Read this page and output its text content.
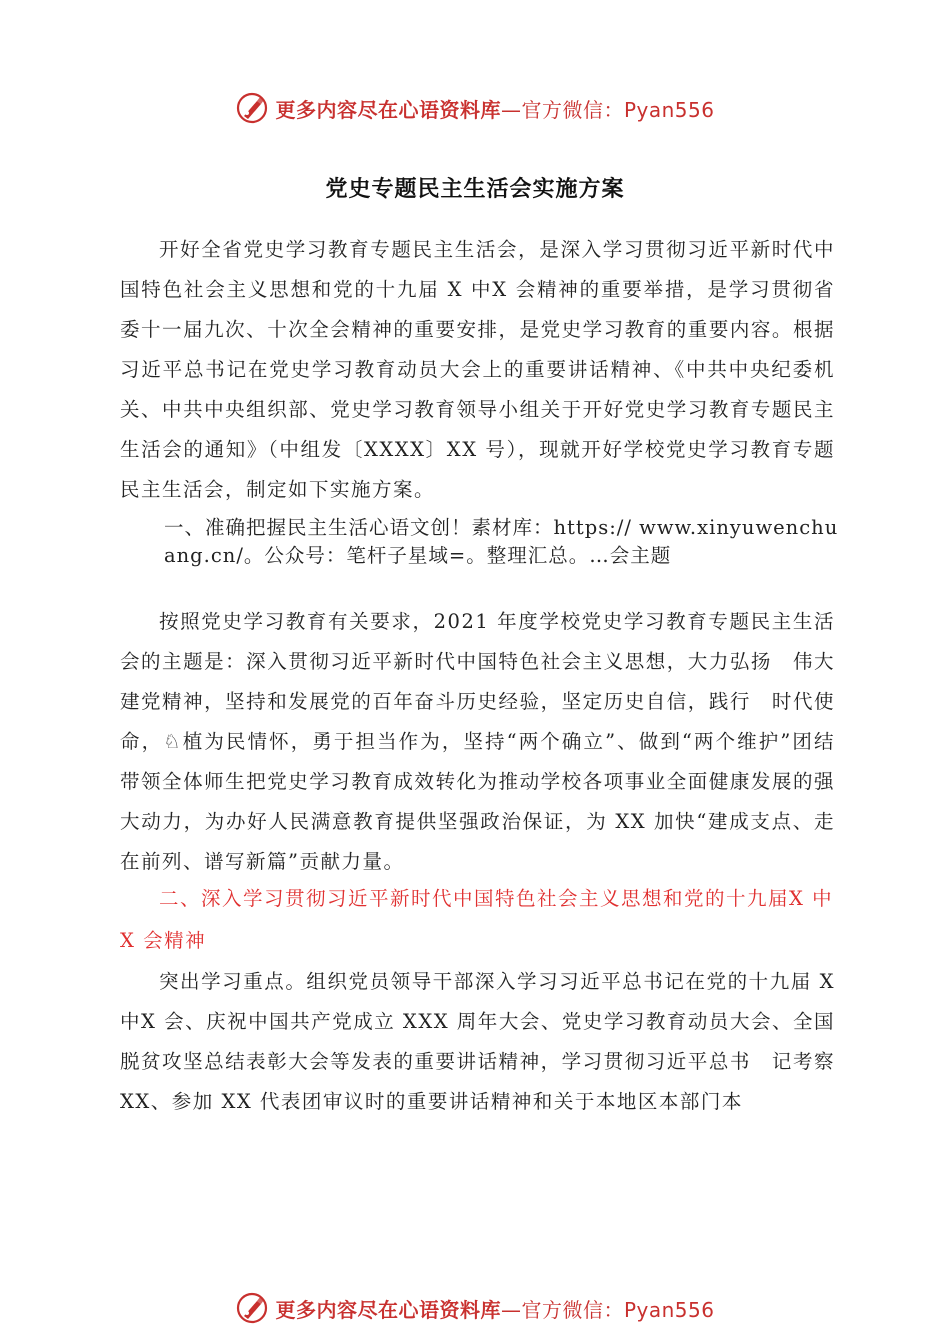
更多内容尽在心语资料库—官方微信：Pyan556
党史专题民主生活会实施方案

开好全省党史学习教育专题民主生活会，是深入学习贯彻习近平新时代中国特色社会主义思想和党的十九届 X 中X 会精神的重要举措，是学习贯彻省委十一届九次、十次全会精神的重要安排，是党史学习教育的重要内容。根据习近平总书记在党史学习教育动员大会上的重要讲话精神、《中共中央纪委机关、中共中央组织部、党史学习教育领导小组关于开好党史学习教育专题民主生活会的通知》（中组发〔XXXX〕XX 号），现就开好学校党史学习教育专题民主生活会，制定如下实施方案。

一、准确把握民主生活心语文创！素材库：https:// www.xinyuwenchuang.cn/。公众号：笔杆子星域=。整理汇总。…会主题

按照党史学习教育有关要求，2021 年度学校党史学习教育专题民主生活会的主题是：深入贯彻习近平新时代中国特色社会主义思想，大力弘扬　伟大建党精神，坚持和发展党的百年奋斗历史经验，坚定历史自信，践行　时代使命，♘植为民情怀，勇于担当作为，坚持“两个确立”、做到“两个维护”团结带领全体师生把党史学习教育成效转化为推动学校各项事业全面健康发展的强大动力，为办好人民满意教育提供坚强政治保证，为 XX 加快“建成支点、走在前列、谱写新篇”贡献力量。

二、深入学习贯彻习近平新时代中国特色社会主义思想和党的十九届X 中X 会精神

突出学习重点。组织党员领导干部深入学习习近平总书记在党的十九届 X 中X 会、庆祝中国共产党成立 XXX 周年大会、党史学习教育动员大会、全国脱贫攻坚总结表彰大会等发表的重要讲话精神，学习贯彻习近平总书　记考察 XX、参加 XX 代表团审议时的重要讲话精神和关于本地区本部门本

更多内容尽在心语资料库—官方微信：Pyan556
